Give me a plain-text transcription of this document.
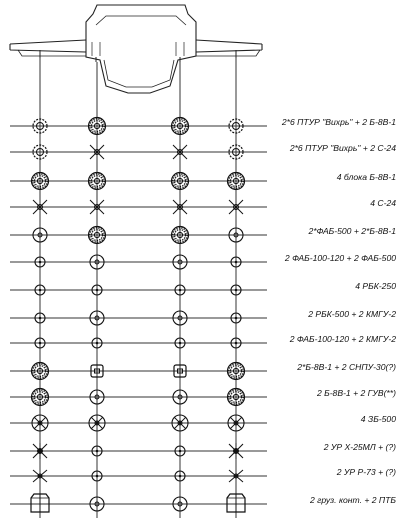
2*6 ПТУР "Вихрь" + 2 Б-8В-1
2*6 ПТУР "Вихрь" + 2 С-24
4 блока Б-8В-1
4 С-24
2*ФАБ-500 + 2*Б-8В-1
2 ФАБ-100-120 + 2 ФАБ-500
4 РБК-250
2 РБК-500 + 2 КМГУ-2
2 ФАБ-100-120 + 2 КМГУ-2
2*Б-8В-1 + 2 СНПУ-30(?)
2 Б-8В-1 + 2 ГУВ(**)
4 ЗБ-500
2 УР Х-25МЛ + (?)
2 УР Р-73 + (?)
2 груз. конт. + 2 ПТБ
